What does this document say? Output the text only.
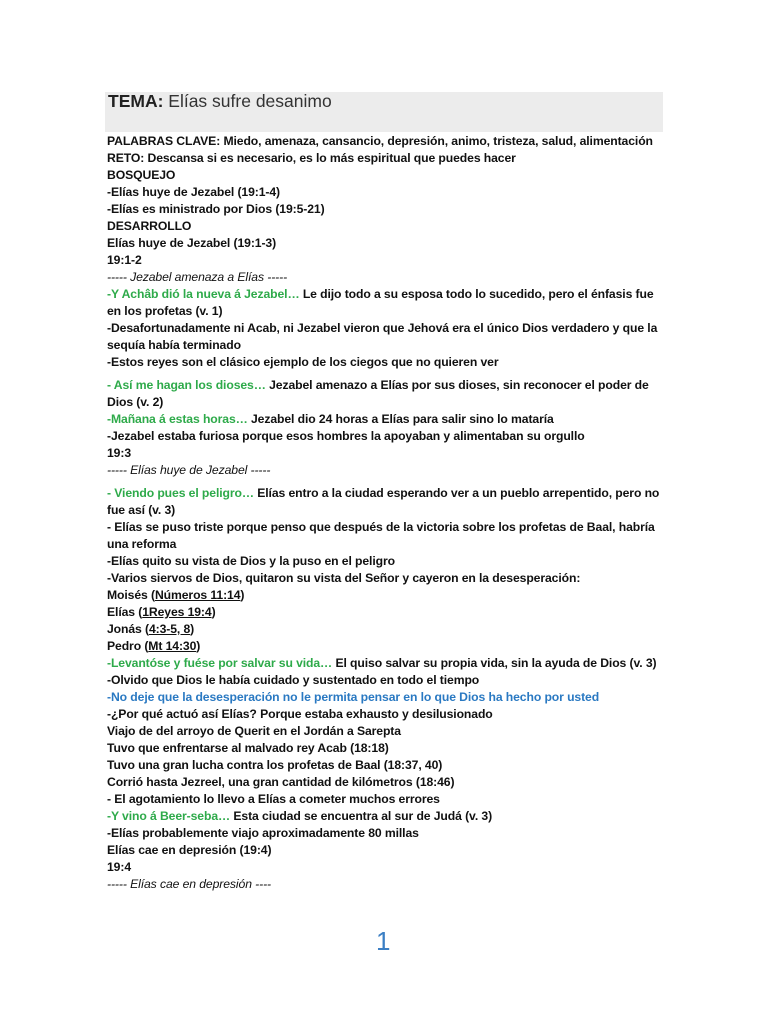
TEMA: Elías sufre desanimo
PALABRAS CLAVE: Miedo, amenaza, cansancio, depresión, animo, tristeza, salud, alimentación
RETO: Descansa si es necesario, es lo más espiritual que puedes hacer
BOSQUEJO
-Elías huye de Jezabel (19:1-4)
-Elías es ministrado por Dios (19:5-21)
DESARROLLO
Elías huye de Jezabel (19:1-3)
19:1-2
----- Jezabel amenaza a Elías -----
-Y Achâb dió la nueva á Jezabel… Le dijo todo a su esposa todo lo sucedido, pero el énfasis fue en los profetas (v. 1)
-Desafortunadamente ni Acab, ni Jezabel vieron que Jehová era el único Dios verdadero y que la sequía había terminado
-Estos reyes son el clásico ejemplo de los ciegos que no quieren ver
- Así me hagan los dioses… Jezabel amenazo a Elías por sus dioses, sin reconocer el poder de Dios (v. 2)
-Mañana á estas horas… Jezabel dio 24 horas a Elías para salir sino lo mataría
-Jezabel estaba furiosa porque esos hombres la apoyaban y alimentaban su orgullo
19:3
----- Elías huye de Jezabel -----
- Viendo pues el peligro… Elías entro a la ciudad esperando ver a un pueblo arrepentido, pero no fue así (v. 3)
- Elías se puso triste porque penso que después de la victoria sobre los profetas de Baal, habría una reforma
-Elías quito su vista de Dios y la puso en el peligro
-Varios siervos de Dios, quitaron su vista del Señor y cayeron en la desesperación:
Moisés (Números 11:14)
Elías (1Reyes 19:4)
Jonás (4:3-5, 8)
Pedro (Mt 14:30)
-Levantóse y fuése por salvar su vida… El quiso salvar su propia vida, sin la ayuda de Dios (v. 3)
-Olvido que Dios le había cuidado y sustentado en todo el tiempo
-No deje que la desesperación no le permita pensar en lo que Dios ha hecho por usted
-¿Por qué actuó así Elías? Porque estaba exhausto y desilusionado
Viajo de del arroyo de Querit en el Jordán a Sarepta
Tuvo que enfrentarse al malvado rey Acab (18:18)
Tuvo una gran lucha contra los profetas de Baal (18:37, 40)
Corrió hasta Jezreel, una gran cantidad de kilómetros (18:46)
- El agotamiento lo llevo a Elías a cometer muchos errores
-Y vino á Beer-seba… Esta ciudad se encuentra al sur de Judá (v. 3)
-Elías probablemente viajo aproximadamente 80 millas
Elías cae en depresión (19:4)
19:4
----- Elías cae en depresión ----
1
